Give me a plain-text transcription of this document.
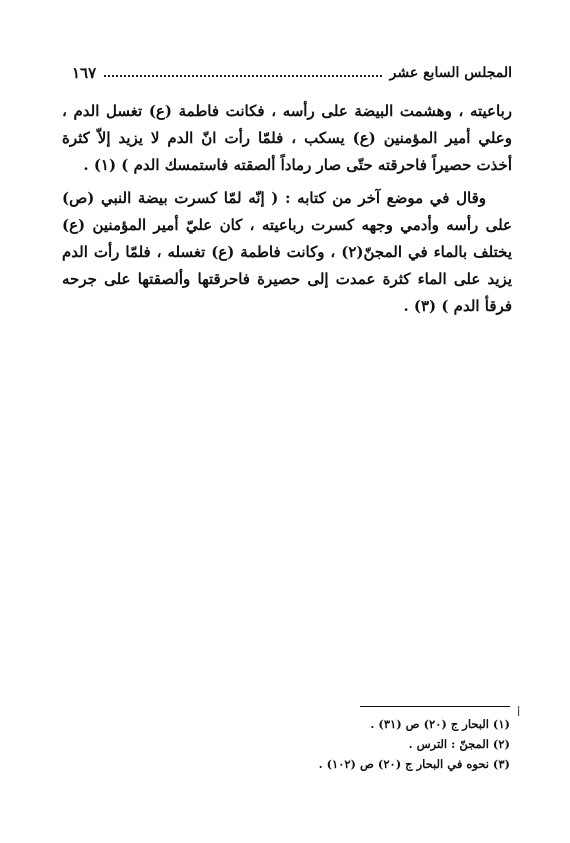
المجلس السابع عشر
١٦٧

رباعيته ، وهشمت البيضة على رأسه ، فكانت فاطمة (ع) تغسل الدم ، وعلي أمير المؤمنين (ع) يسكب ، فلمّا رأت انّ الدم لا يزيد إلاّ كثرة أخذت حصيراً فاحرقته حتّى صار رماداً ألصقته فاستمسك الدم ) (١) .

وقال في موضع آخر من كتابه : ( إنّه لمّا كسرت بيضة النبي (ص) على رأسه وأدمي وجهه كسرت رباعيته ، كان عليّ أمير المؤمنين (ع) يختلف بالماء في المجنّ(٢) ، وكانت فاطمة (ع) تغسله ، فلمّا رأت الدم يزيد على الماء كثرة عمدت إلى حصيرة فاحرقتها وألصقتها على جرحه فرقأ الدم ) (٣) .

أ
(١) البحار ج (٢٠) ص (٣١) .
(٢) المجنّ : الترس .
(٣) نحوه في البحار ج (٢٠) ص (١٠٢) .
